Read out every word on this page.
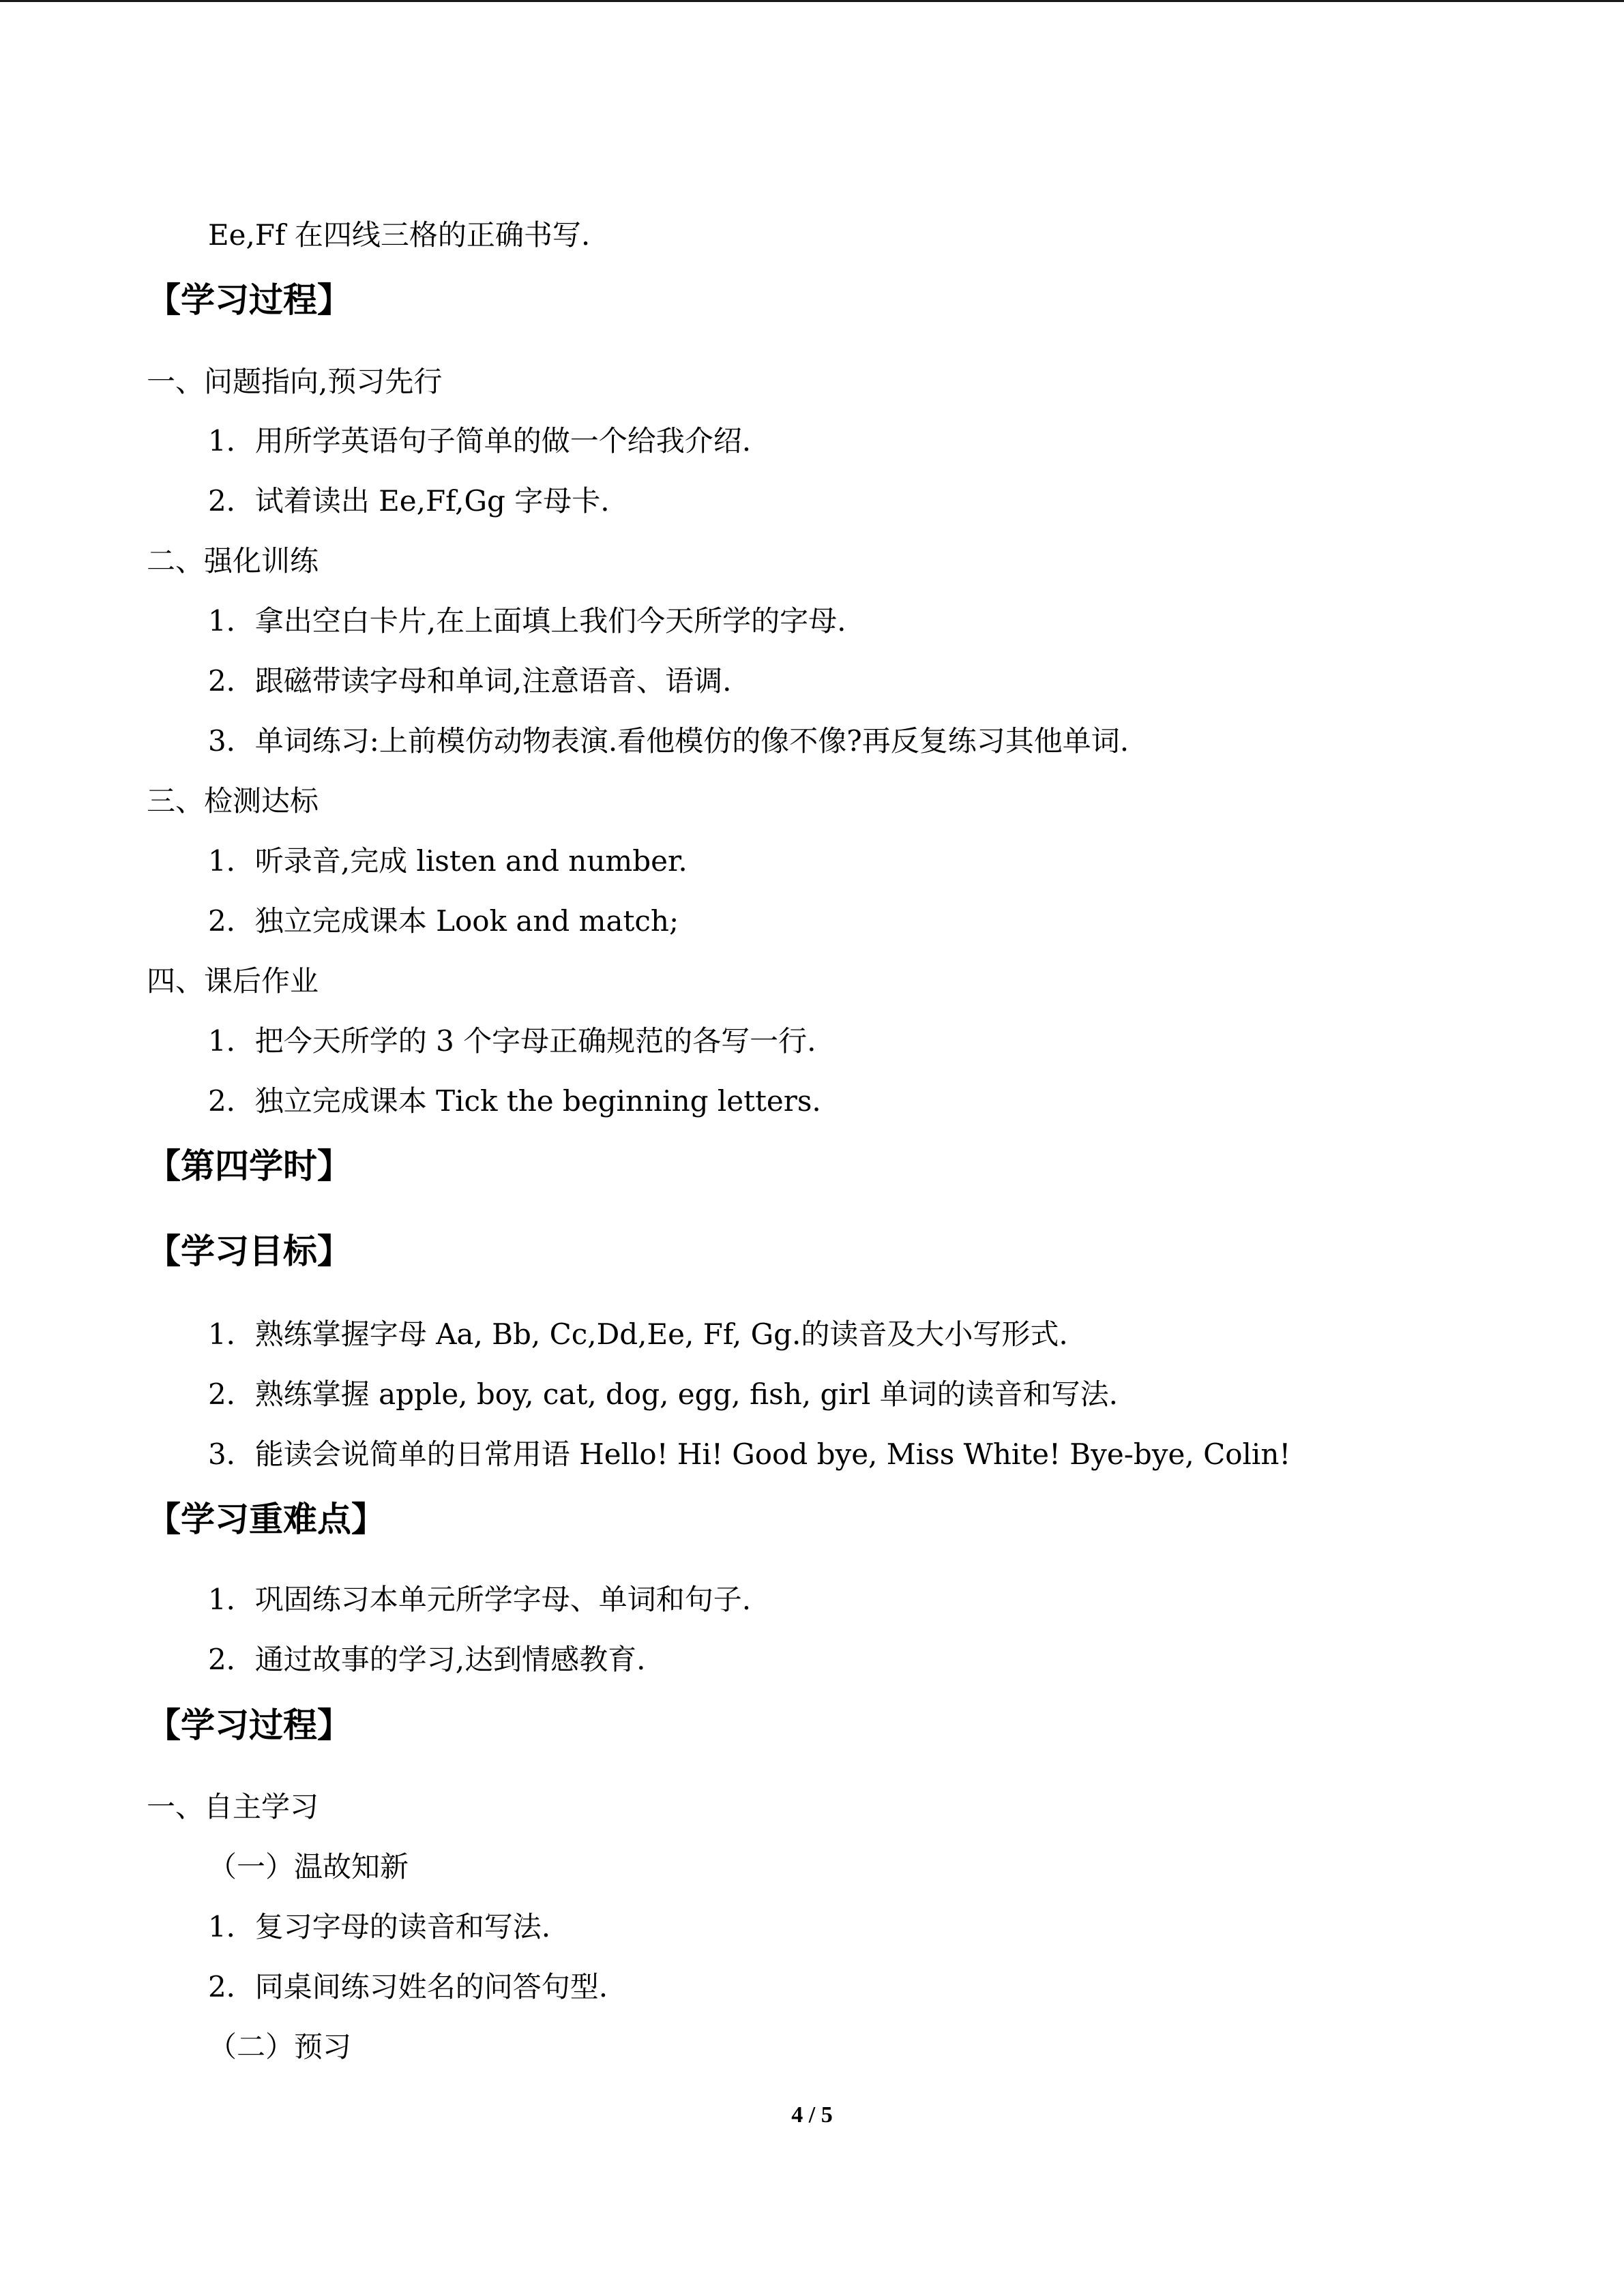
Ee,Ff 在四线三格的正确书写.
【学习过程】
一、问题指向,预习先行
1．用所学英语句子简单的做一个给我介绍.
2．试着读出 Ee,Ff,Gg 字母卡.
二、强化训练
1．拿出空白卡片,在上面填上我们今天所学的字母.
2．跟磁带读字母和单词,注意语音、语调.
3．单词练习:上前模仿动物表演.看他模仿的像不像?再反复练习其他单词.
三、检测达标
1．听录音,完成 listen and number.
2．独立完成课本 Look and match;
四、课后作业
1．把今天所学的 3 个字母正确规范的各写一行.
2．独立完成课本 Tick the beginning letters.
【第四学时】
【学习目标】
1．熟练掌握字母 Aa, Bb, Cc,Dd,Ee, Ff, Gg.的读音及大小写形式.
2．熟练掌握 apple, boy, cat, dog, egg, fish, girl 单词的读音和写法.
3．能读会说简单的日常用语 Hello! Hi! Good bye, Miss White! Bye-bye, Colin!
【学习重难点】
1．巩固练习本单元所学字母、单词和句子.
2．通过故事的学习,达到情感教育.
【学习过程】
一、自主学习
（一）温故知新
1．复习字母的读音和写法.
2．同桌间练习姓名的问答句型.
（二）预习
4 / 5
